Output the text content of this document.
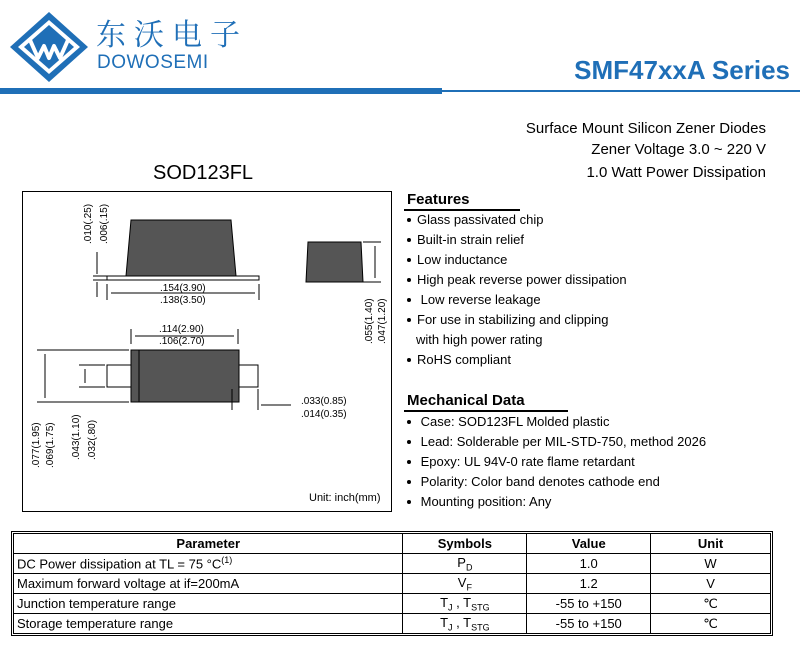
东沃电子
DOWOSEMI	SMF47xxA Series
Surface Mount Silicon Zener Diodes
Zener Voltage 3.0 ~ 220 V
1.0 Watt Power Dissipation
SOD123FL
.154(3.90)
.138(3.50)
.010(.25) .006(.15)
.055(1.40) .047(1.20)
.114(2.90)
.106(2.70)
.033(0.85)
.014(0.35)
.077(1.95) .069(1.75) .043(1.10) .032(.80)
Unit: inch(mm)
Features
Glass passivated chip
Built-in strain relief
Low inductance
High peak reverse power dissipation
Low reverse leakage
For use in stabilizing and clipping
with high power rating
RoHS compliant
Mechanical Data
Case: SOD123FL Molded plastic
Lead: Solderable per MIL-STD-750, method 2026
Epoxy: UL 94V-0 rate flame retardant
Polarity: Color band denotes cathode end
Mounting position: Any
Parameter	Symbols	Value	Unit
DC Power dissipation at TL = 75 $^\circ C^{(1)}$	$P_D$	1.0	W
Maximum forward voltage at if=200mA	$V_F$	1.2	V
Junction temperature range	$T_J$ , $T_{STG}$	-55 to +150	℃
Storage temperature range	$T_J$ , $T_{STG}$	-55 to +150	℃
